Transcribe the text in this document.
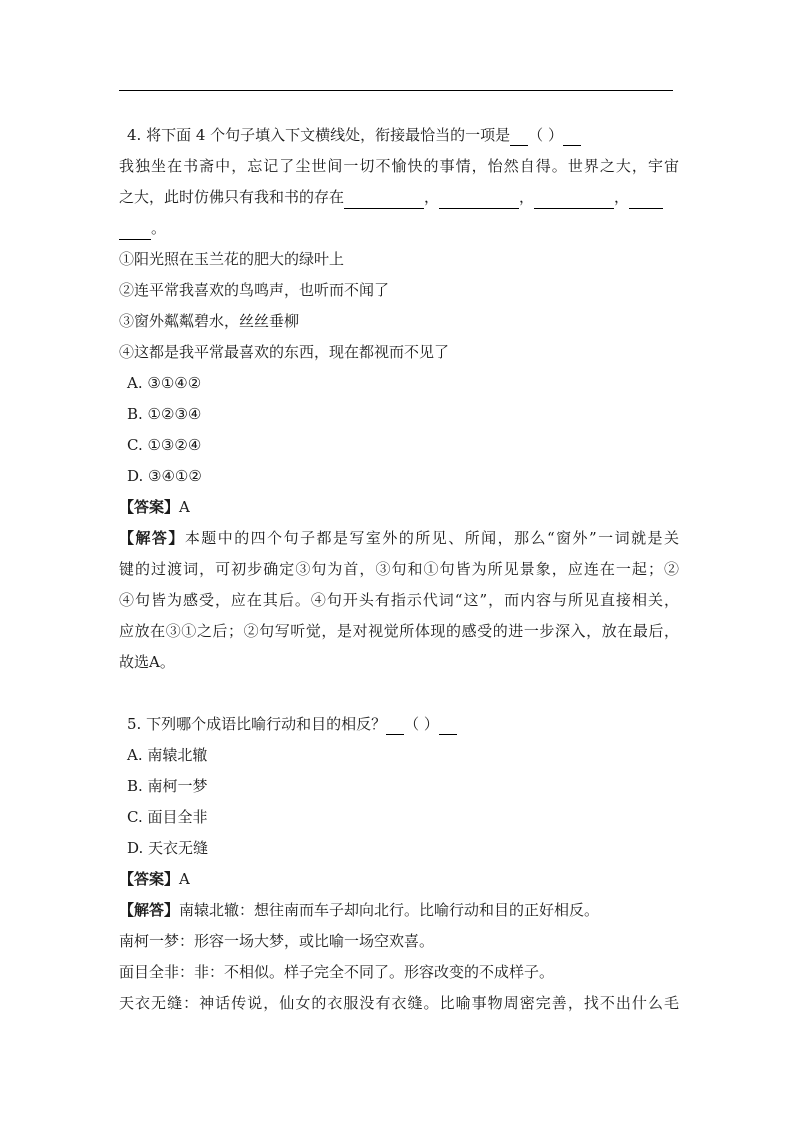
4. 将下面 4 个句子填入下文横线处，衔接最恰当的一项是 （ ）
我独坐在书斋中，忘记了尘世间一切不愉快的事情，怡然自得。世界之大，宇宙
之大，此时仿佛只有我和书的存在	，	，	，
。
①阳光照在玉兰花的肥大的绿叶上
②连平常我喜欢的鸟鸣声，也听而不闻了
③窗外粼粼碧水，丝丝垂柳
④这都是我平常最喜欢的东西，现在都视而不见了
A. ③①④②
B. ①②③④
C. ①③②④
D. ③④①②
【答案】A
【解答】本题中的四个句子都是写室外的所见、所闻，那么“窗外”一词就是关
键的过渡词，可初步确定③句为首，③句和①句皆为所见景象，应连在一起；②
④句皆为感受，应在其后。④句开头有指示代词“这”，而内容与所见直接相关，
应放在③①之后；②句写听觉，是对视觉所体现的感受的进一步深入，放在最后，
故选A。
5. 下列哪个成语比喻行动和目的相反？ （ ）
A. 南辕北辙
B. 南柯一梦
C. 面目全非
D. 天衣无缝
【答案】A
【解答】南辕北辙：想往南而车子却向北行。比喻行动和目的正好相反。
南柯一梦：形容一场大梦，或比喻一场空欢喜。
面目全非：非：不相似。样子完全不同了。形容改变的不成样子。
天衣无缝：神话传说，仙女的衣服没有衣缝。比喻事物周密完善，找不出什么毛
